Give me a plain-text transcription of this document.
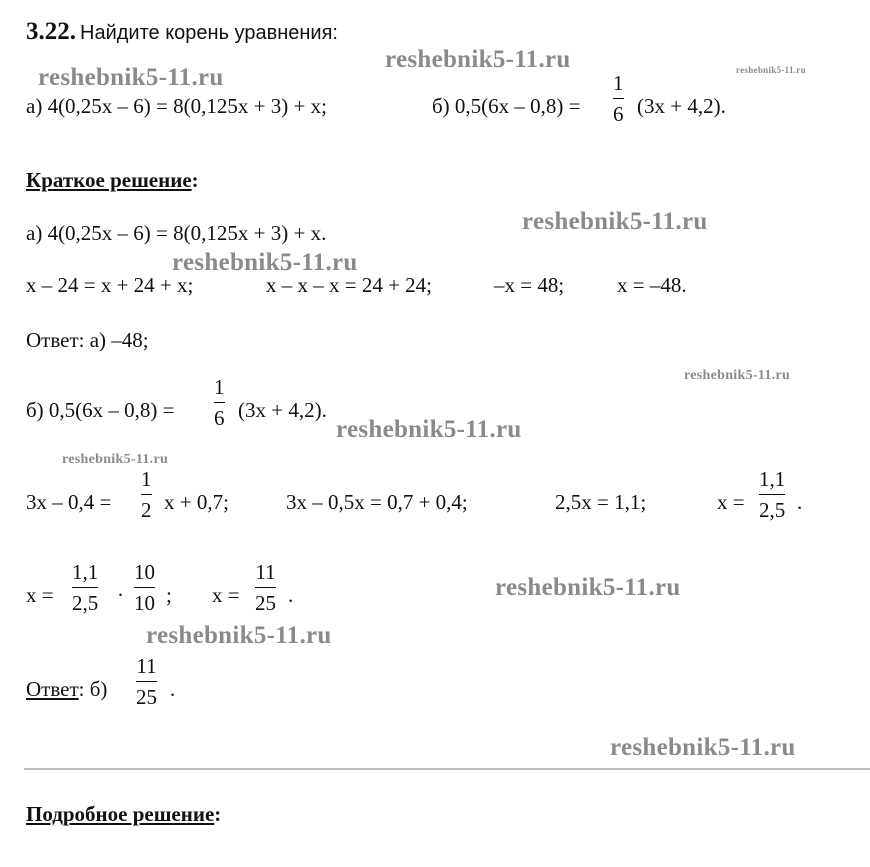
3.22. Найдите корень уравнения:
reshebnik5-11.ru
reshebnik5-11.ru	reshebnik5-11.ru
а) 4(0,25х – 6) = 8(0,125х + 3) + х;	б) 0,5(6х – 0,8) =
1
6 (3х + 4,2).
Краткое решение:
а) 4(0,25х – 6) = 8(0,125х + 3) + х.	reshebnik5-11.ru
reshebnik5-11.ru
х – 24 = х + 24 + х;	х – х – х = 24 + 24;	–х = 48;	х = –48.
Ответ: а) –48;
reshebnik5-11.ru
б) 0,5(6х – 0,8) =
1
6 (3х + 4,2).
reshebnik5-11.ru
reshebnik5-11.ru
3х – 0,4 =
1
2 х + 0,7;	3х – 0,5х = 0,7 + 0,4;	2,5х = 1,1;	х =
1,1
2,5 .
х =
1,1
2,5 ·
10
10 ; х =
11
25 .	reshebnik5-11.ru
reshebnik5-11.ru
Ответ: б)
11
25 .
reshebnik5-11.ru
Подробное решение:
